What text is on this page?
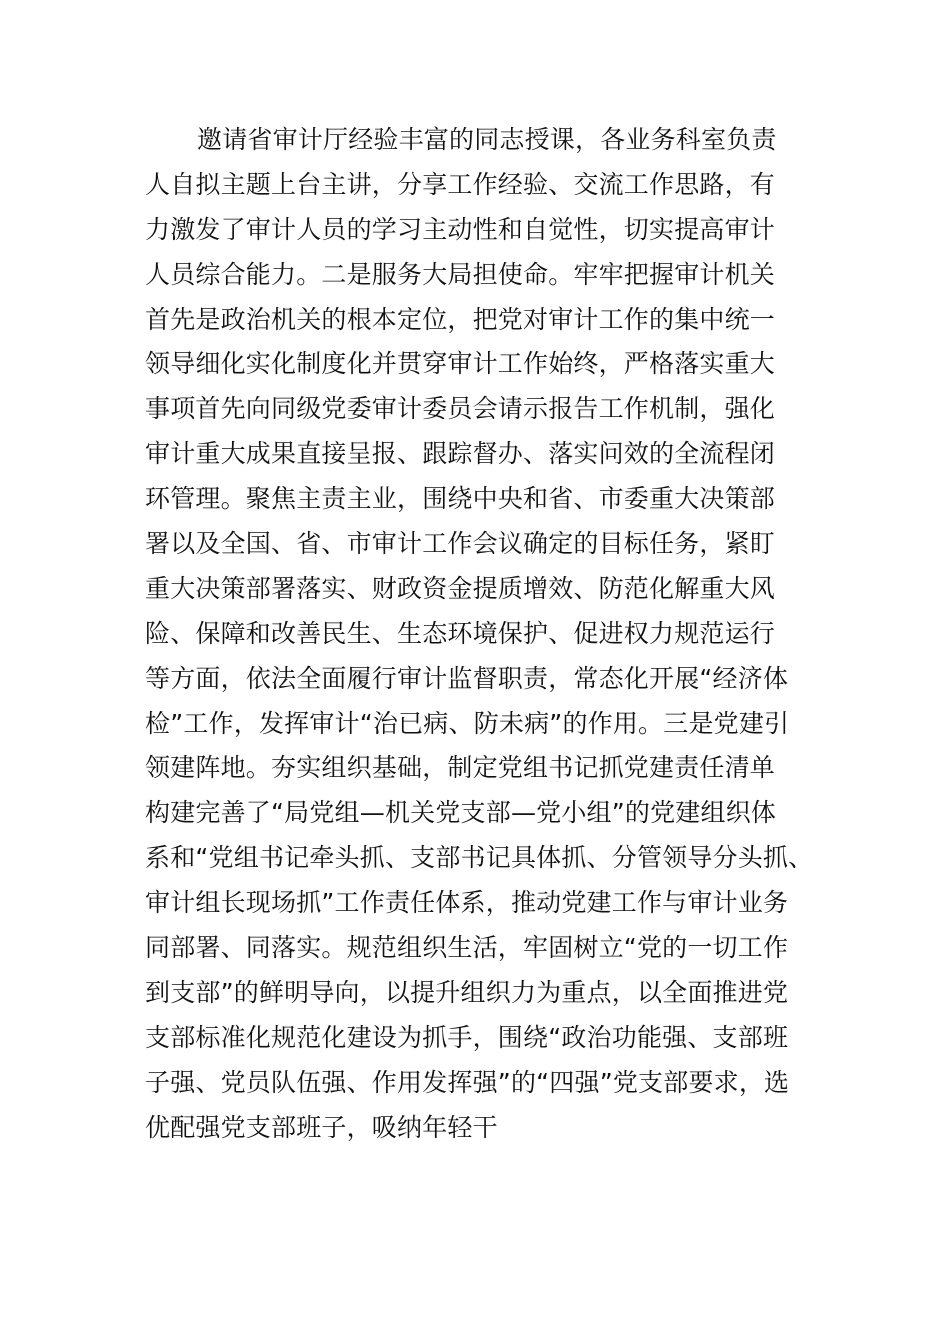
邀请省审计厅经验丰富的同志授课，各业务科室负责
人自拟主题上台主讲，分享工作经验、交流工作思路，有
力激发了审计人员的学习主动性和自觉性，切实提高审计
人员综合能力。二是服务大局担使命。牢牢把握审计机关
首先是政治机关的根本定位，把党对审计工作的集中统一
领导细化实化制度化并贯穿审计工作始终，严格落实重大
事项首先向同级党委审计委员会请示报告工作机制，强化
审计重大成果直接呈报、跟踪督办、落实问效的全流程闭
环管理。聚焦主责主业，围绕中央和省、市委重大决策部
署以及全国、省、市审计工作会议确定的目标任务，紧盯
重大决策部署落实、财政资金提质增效、防范化解重大风
险、保障和改善民生、生态环境保护、促进权力规范运行
等方面，依法全面履行审计监督职责，常态化开展“经济体
检”工作，发挥审计“治已病、防未病”的作用。三是党建引
领建阵地。夯实组织基础，制定党组书记抓党建责任清单
构建完善了“局党组—机关党支部—党小组”的党建组织体
系和“党组书记牵头抓、支部书记具体抓、分管领导分头抓、
审计组长现场抓”工作责任体系，推动党建工作与审计业务
同部署、同落实。规范组织生活，牢固树立“党的一切工作
到支部”的鲜明导向，以提升组织力为重点，以全面推进党
支部标准化规范化建设为抓手，围绕“政治功能强、支部班
子强、党员队伍强、作用发挥强”的“四强”党支部要求，选
优配强党支部班子，吸纳年轻干
